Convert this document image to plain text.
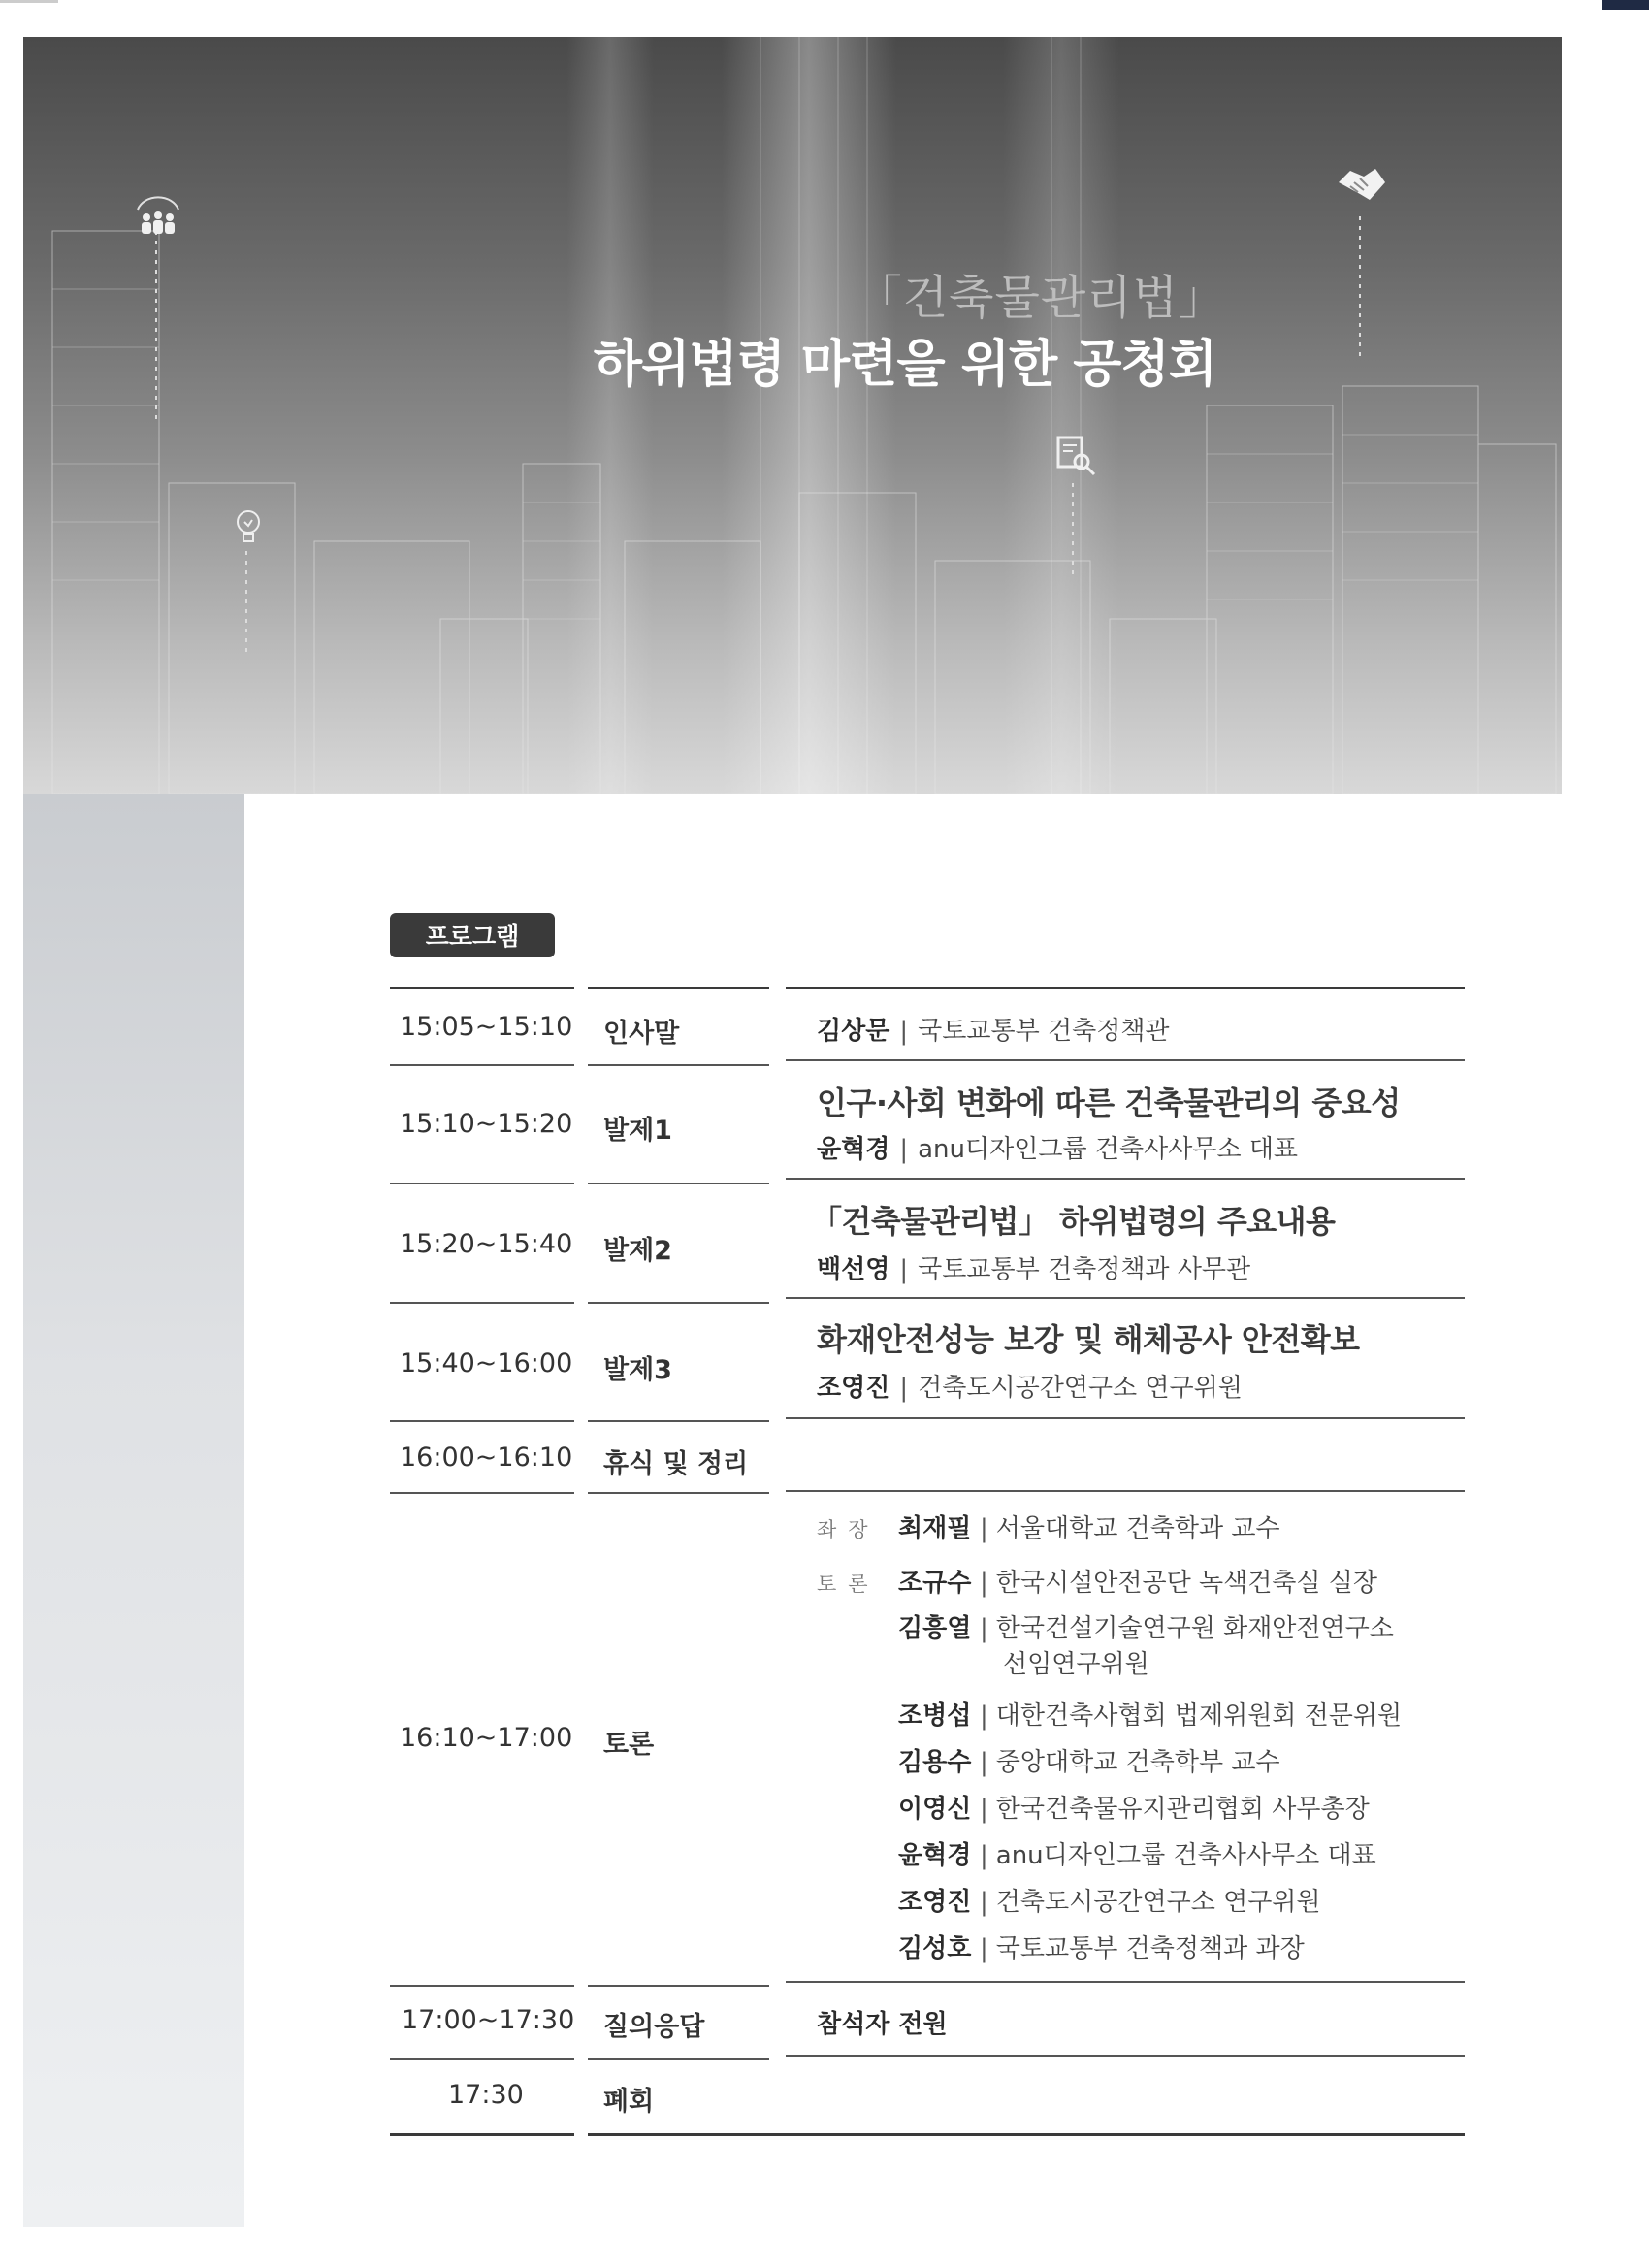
「건축물관리법」
하위법령 마련을 위한 공청회
프로그램
15:05~15:10 인사말	김상문 | 국토교통부 건축정책관
15:10~15:20 발제1
인구·사회 변화에 따른 건축물관리의 중요성
윤혁경 | anu디자인그룹 건축사사무소 대표
15:20~15:40 발제2
「건축물관리법」 하위법령의 주요내용
백선영 | 국토교통부 건축정책과 사무관
15:40~16:00 발제3
화재안전성능 보강 및 해체공사 안전확보
조영진 | 건축도시공간연구소 연구위원
16:00~16:10 휴식 및 정리
16:10~17:00 토론
좌장 최재필 | 서울대학교 건축학과 교수
토론 조규수 | 한국시설안전공단 녹색건축실 실장
김흥열 | 한국건설기술연구원 화재안전연구소
선임연구위원
조병섭 | 대한건축사협회 법제위원회 전문위원
김용수 | 중앙대학교 건축학부 교수
이영신 | 한국건축물유지관리협회 사무총장
윤혁경 | anu디자인그룹 건축사사무소 대표
조영진 | 건축도시공간연구소 연구위원
김성호 | 국토교통부 건축정책과 과장
17:00~17:30 질의응답	참석자 전원
17:30	폐회
